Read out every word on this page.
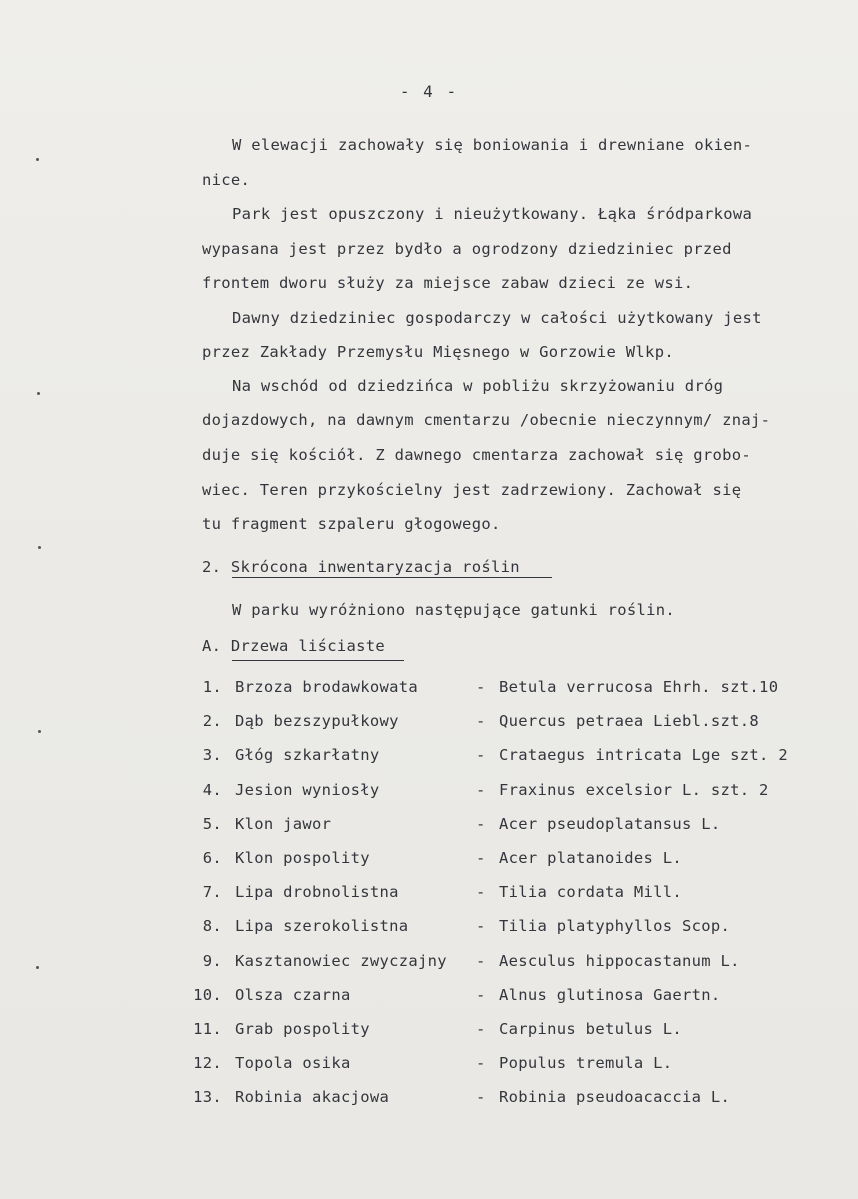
- 4 -
W elewacji zachowały się boniowania i drewniane okien-
nice.
Park jest opuszczony i nieużytkowany. Łąka śródparkowa
wypasana jest przez bydło a ogrodzony dziedziniec przed
frontem dworu służy za miejsce zabaw dzieci ze wsi.
Dawny dziedziniec gospodarczy w całości użytkowany jest
przez Zakłady Przemysłu Mięsnego w Gorzowie Wlkp.
Na wschód od dziedzińca w pobliżu skrzyżowaniu dróg
dojazdowych, na dawnym cmentarzu /obecnie nieczynnym/ znaj-
duje się kościół. Z dawnego cmentarza zachował się grobo-
wiec. Teren przykościelny jest zadrzewiony. Zachował się
tu fragment szpaleru głogowego.
2. Skrócona inwentaryzacja roślin
W parku wyróżniono następujące gatunki roślin.
A. Drzewa liściaste
1. Brzoza brodawkowata	- Betula verrucosa Ehrh. szt.10
2. Dąb bezszypułkowy	- Quercus petraea Liebl.szt.8
3. Głóg szkarłatny	- Crataegus intricata Lge szt. 2
4. Jesion wyniosły	- Fraxinus excelsior L. szt. 2
5. Klon jawor	- Acer pseudoplatansus L.
6. Klon pospolity	- Acer platanoides L.
7. Lipa drobnolistna	- Tilia cordata Mill.
8. Lipa szerokolistna	- Tilia platyphyllos Scop.
9. Kasztanowiec zwyczajny - Aesculus hippocastanum L.
10. Olsza czarna	- Alnus glutinosa Gaertn.
11. Grab pospolity	- Carpinus betulus L.
12. Topola osika	- Populus tremula L.
13. Robinia akacjowa	- Robinia pseudoacaccia L.
